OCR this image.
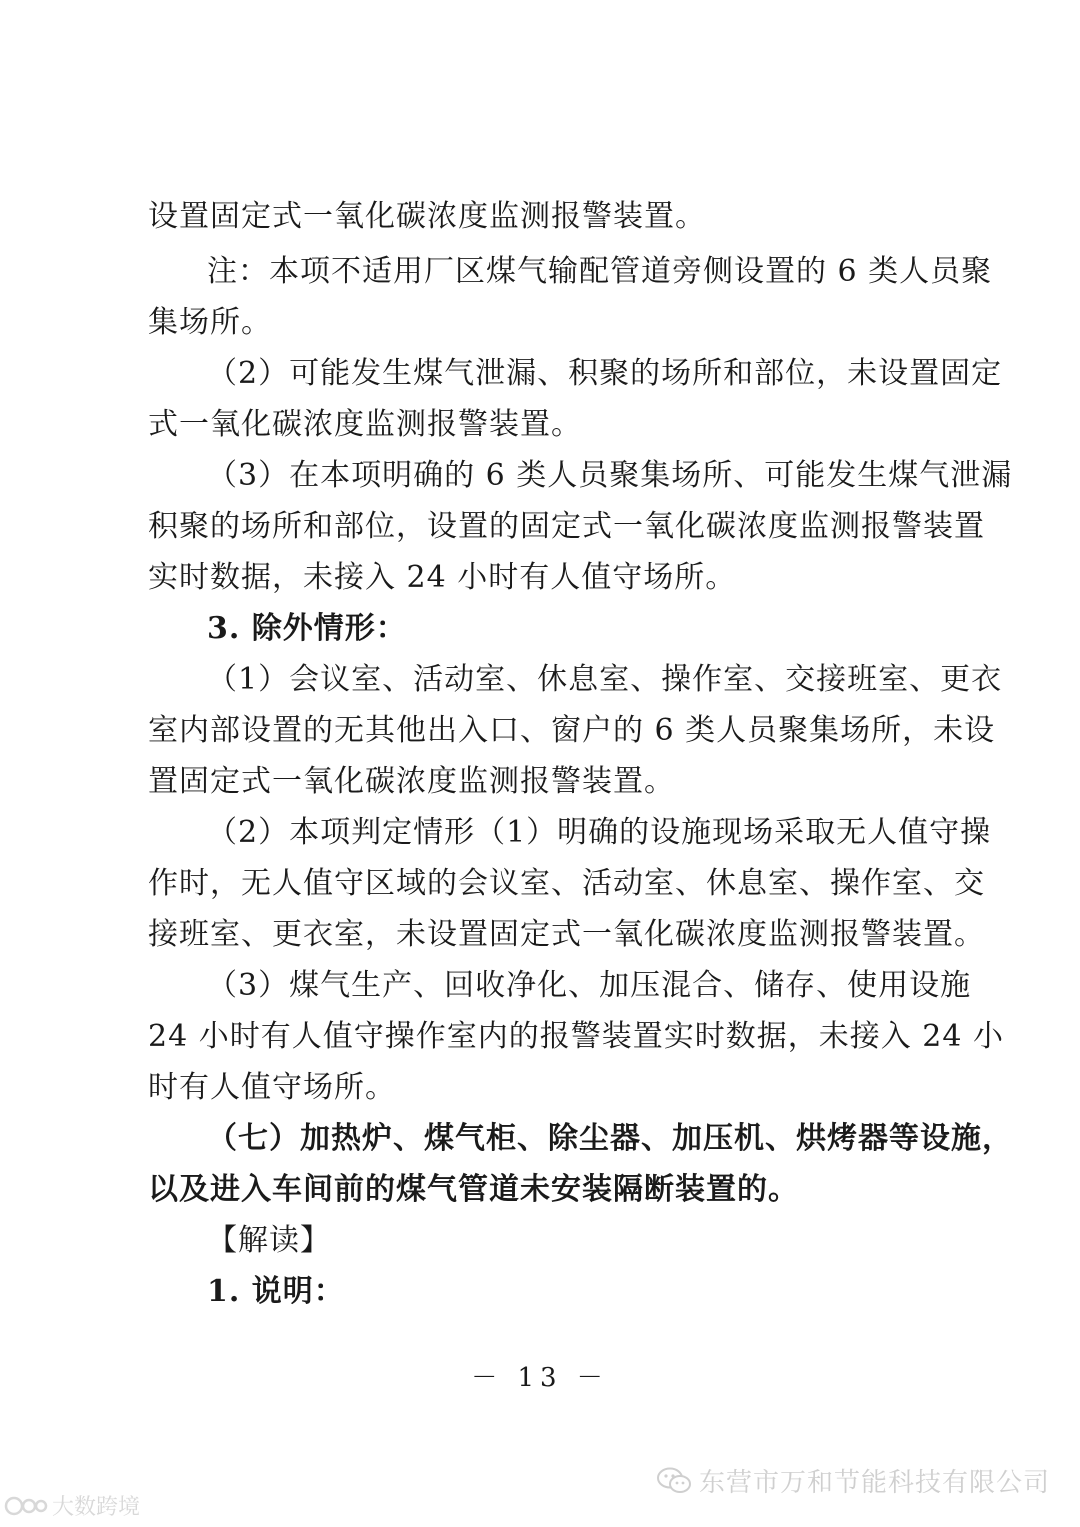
设置固定式一氧化碳浓度监测报警装置。
注：本项不适用厂区煤气输配管道旁侧设置的 6 类人员聚
集场所。
（2）可能发生煤气泄漏、积聚的场所和部位，未设置固定
式一氧化碳浓度监测报警装置。
（3）在本项明确的 6 类人员聚集场所、可能发生煤气泄漏
积聚的场所和部位，设置的固定式一氧化碳浓度监测报警装置
实时数据，未接入 24 小时有人值守场所。
3. 除外情形：
（1）会议室、活动室、休息室、操作室、交接班室、更衣
室内部设置的无其他出入口、窗户的 6 类人员聚集场所，未设
置固定式一氧化碳浓度监测报警装置。
（2）本项判定情形（1）明确的设施现场采取无人值守操
作时，无人值守区域的会议室、活动室、休息室、操作室、交
接班室、更衣室，未设置固定式一氧化碳浓度监测报警装置。
（3）煤气生产、回收净化、加压混合、储存、使用设施
24 小时有人值守操作室内的报警装置实时数据，未接入 24 小
时有人值守场所。
（七）加热炉、煤气柜、除尘器、加压机、烘烤器等设施，
以及进入车间前的煤气管道未安装隔断装置的。
【解读】
1. 说明：
－ 13 －
东营市万和节能科技有限公司
大数跨境
